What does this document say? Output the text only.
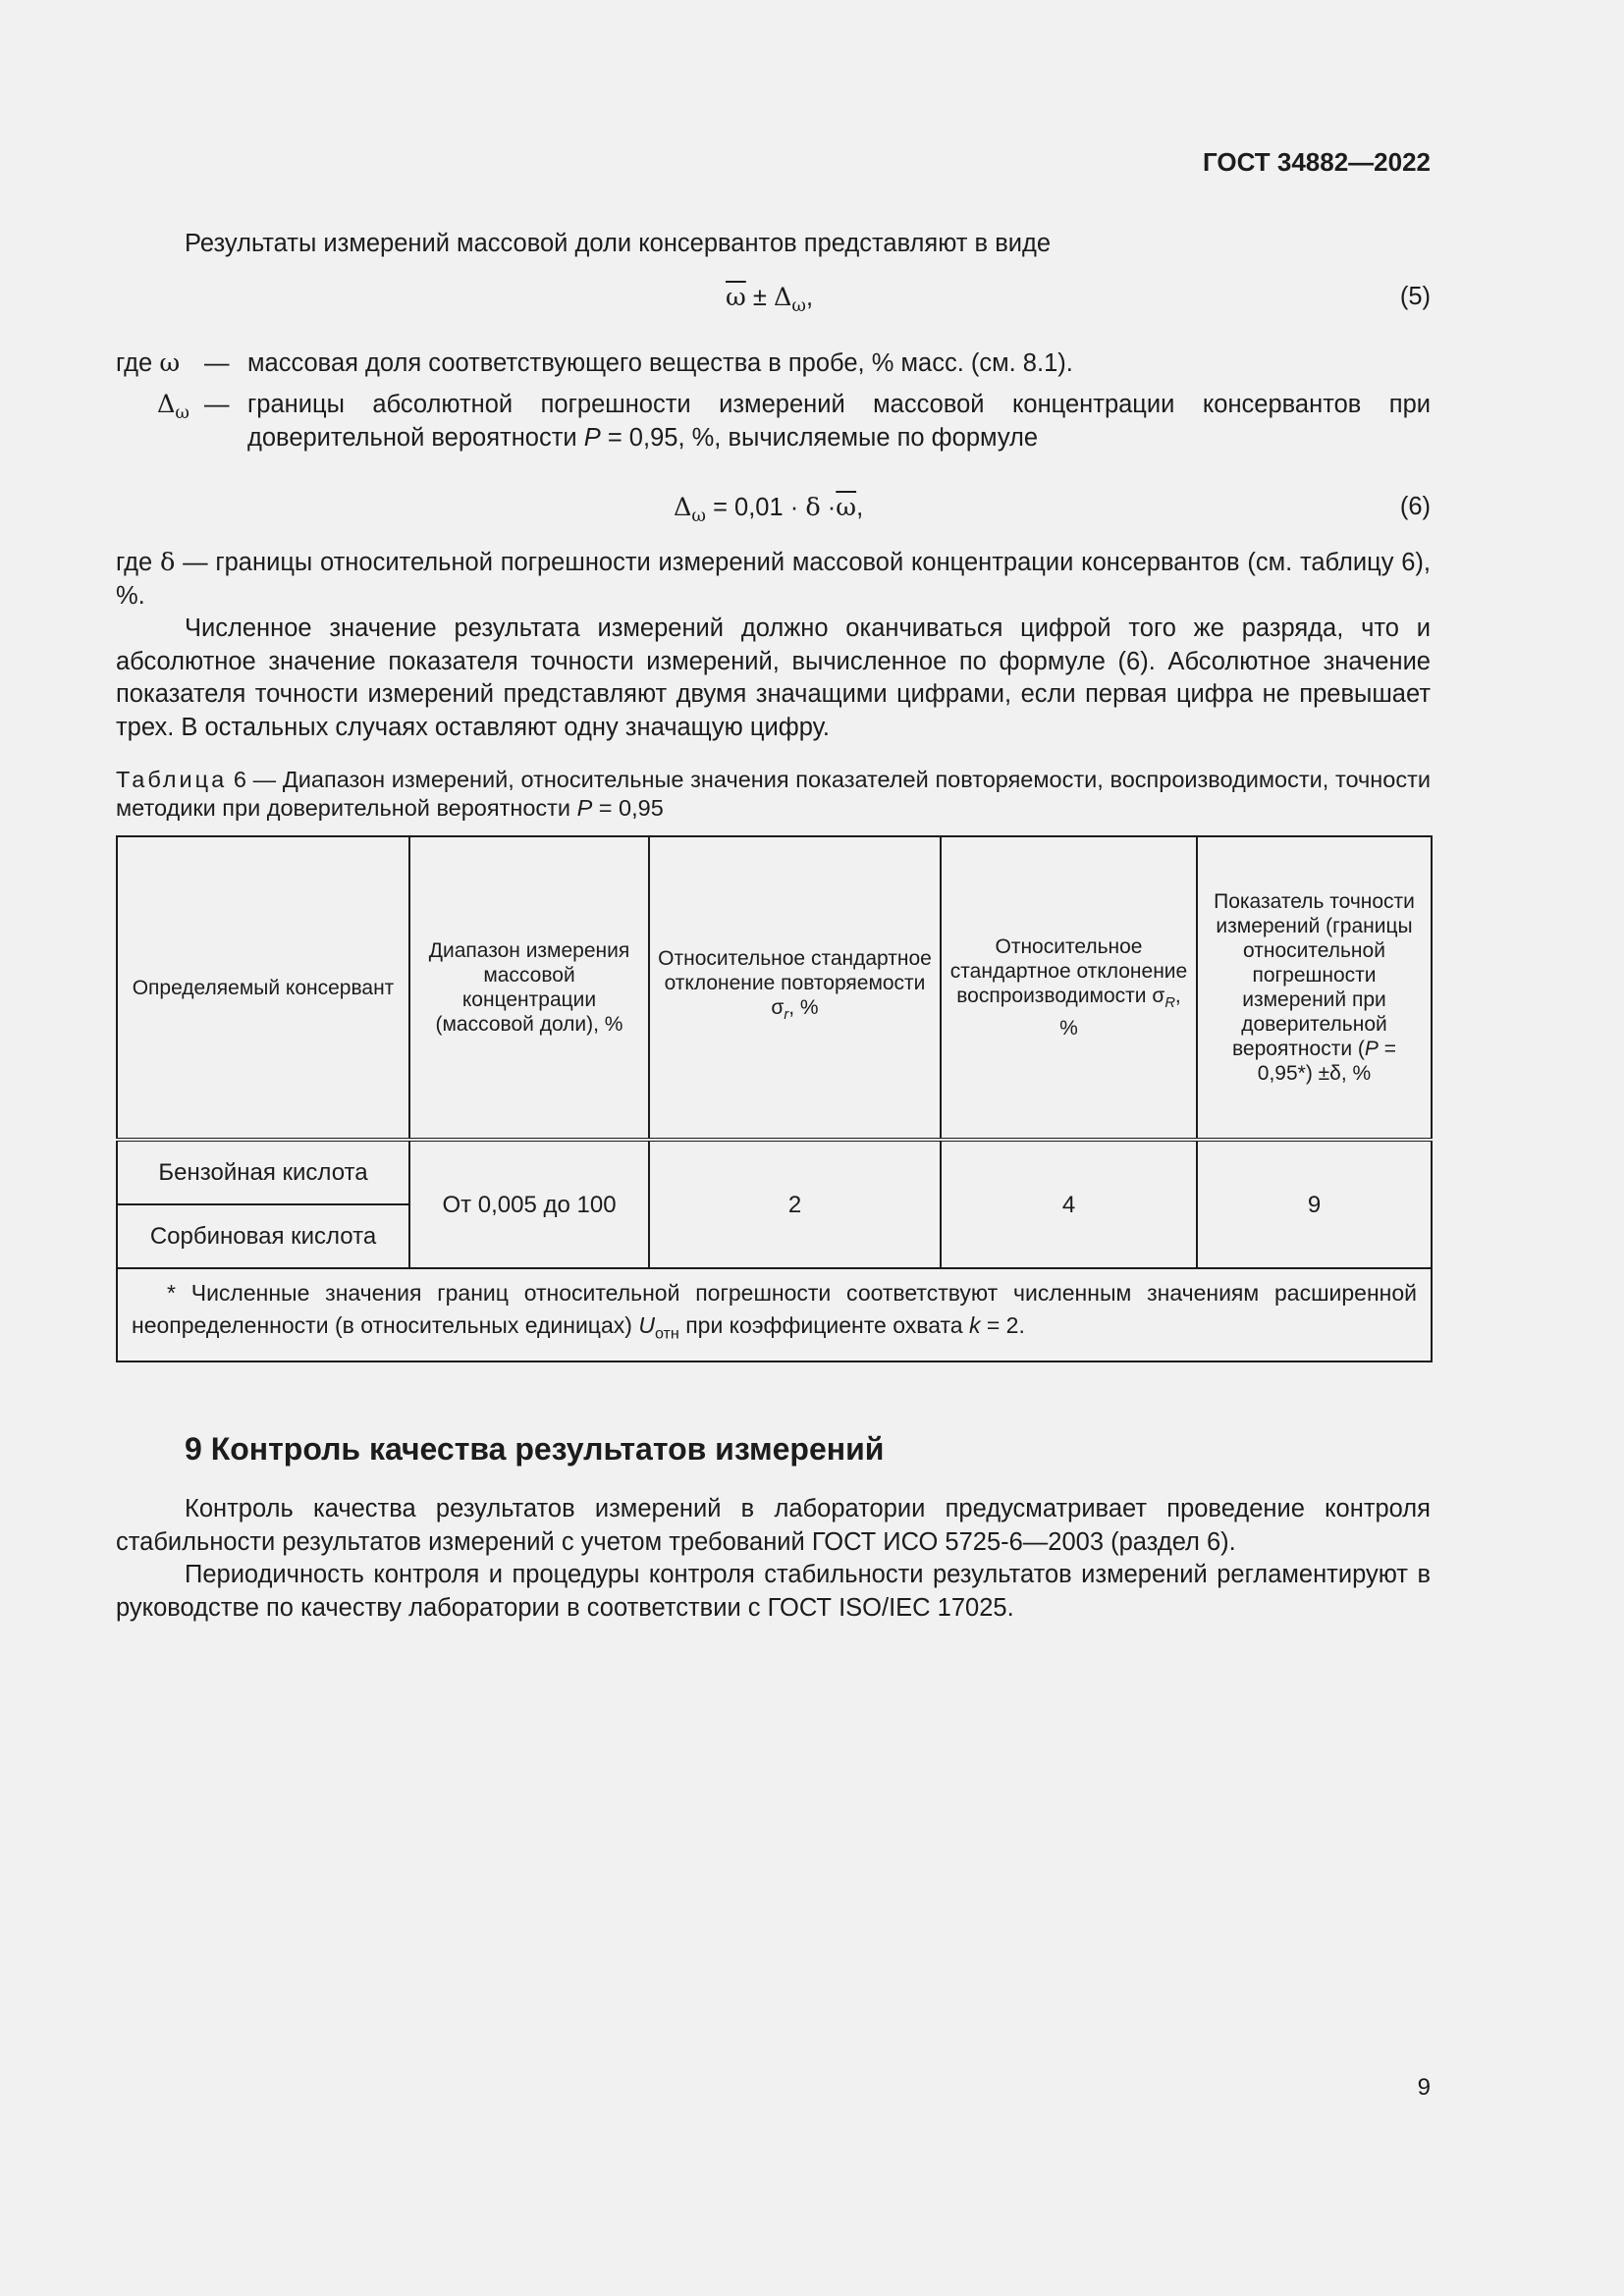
ГОСТ 34882—2022
Результаты измерений массовой доли консервантов представляют в виде
$\overline{\omega} \pm \Delta_\omega$,	(5)
где ω — массовая доля соответствующего вещества в пробе, % масс. (см. 8.1).
$\Delta_\omega$ — границы абсолютной погрешности измерений массовой концентрации консервантов при доверительной вероятности P = 0,95, %, вычисляемые по формуле
$\Delta_\omega = 0,01 \cdot \delta \cdot\overline{\omega}$,	(6)
где δ — границы относительной погрешности измерений массовой концентрации консервантов (см. таблицу 6), %.
Численное значение результата измерений должно оканчиваться цифрой того же разряда, что и абсолютное значение показателя точности измерений, вычисленное по формуле (6). Абсолютное значение показателя точности измерений представляют двумя значащими цифрами, если первая цифра не превышает трех. В остальных случаях оставляют одну значащую цифру.
Таблица 6 — Диапазон измерений, относительные значения показателей повторяемости, воспроизводимости, точности методики при доверительной вероятности P = 0,95
Определяемый консервант	Диапазон измерения массовой концентрации (массовой доли), %	Относительное стандартное отклонение повторяемости $\sigma_r$, %	Относительное стандартное отклонение воспроизводимости $\sigma_R$, %	Показатель точности измерений (границы относительной погрешности измерений при доверительной вероятности (P = 0,95*) ±δ, %
Бензойная кислота	От 0,005 до 100	2	4	9
Сорбиновая кислота				
* Численные значения границ относительной погрешности соответствуют численным значениям расширенной неопределенности (в относительных единицах) $U_{отн}$ при коэффициенте охвата k = 2.				
9 Контроль качества результатов измерений
Контроль качества результатов измерений в лаборатории предусматривает проведение контроля стабильности результатов измерений с учетом требований ГОСТ ИСО 5725-6—2003 (раздел 6).
Периодичность контроля и процедуры контроля стабильности результатов измерений регламентируют в руководстве по качеству лаборатории в соответствии с ГОСТ ISO/IEC 17025.
9
